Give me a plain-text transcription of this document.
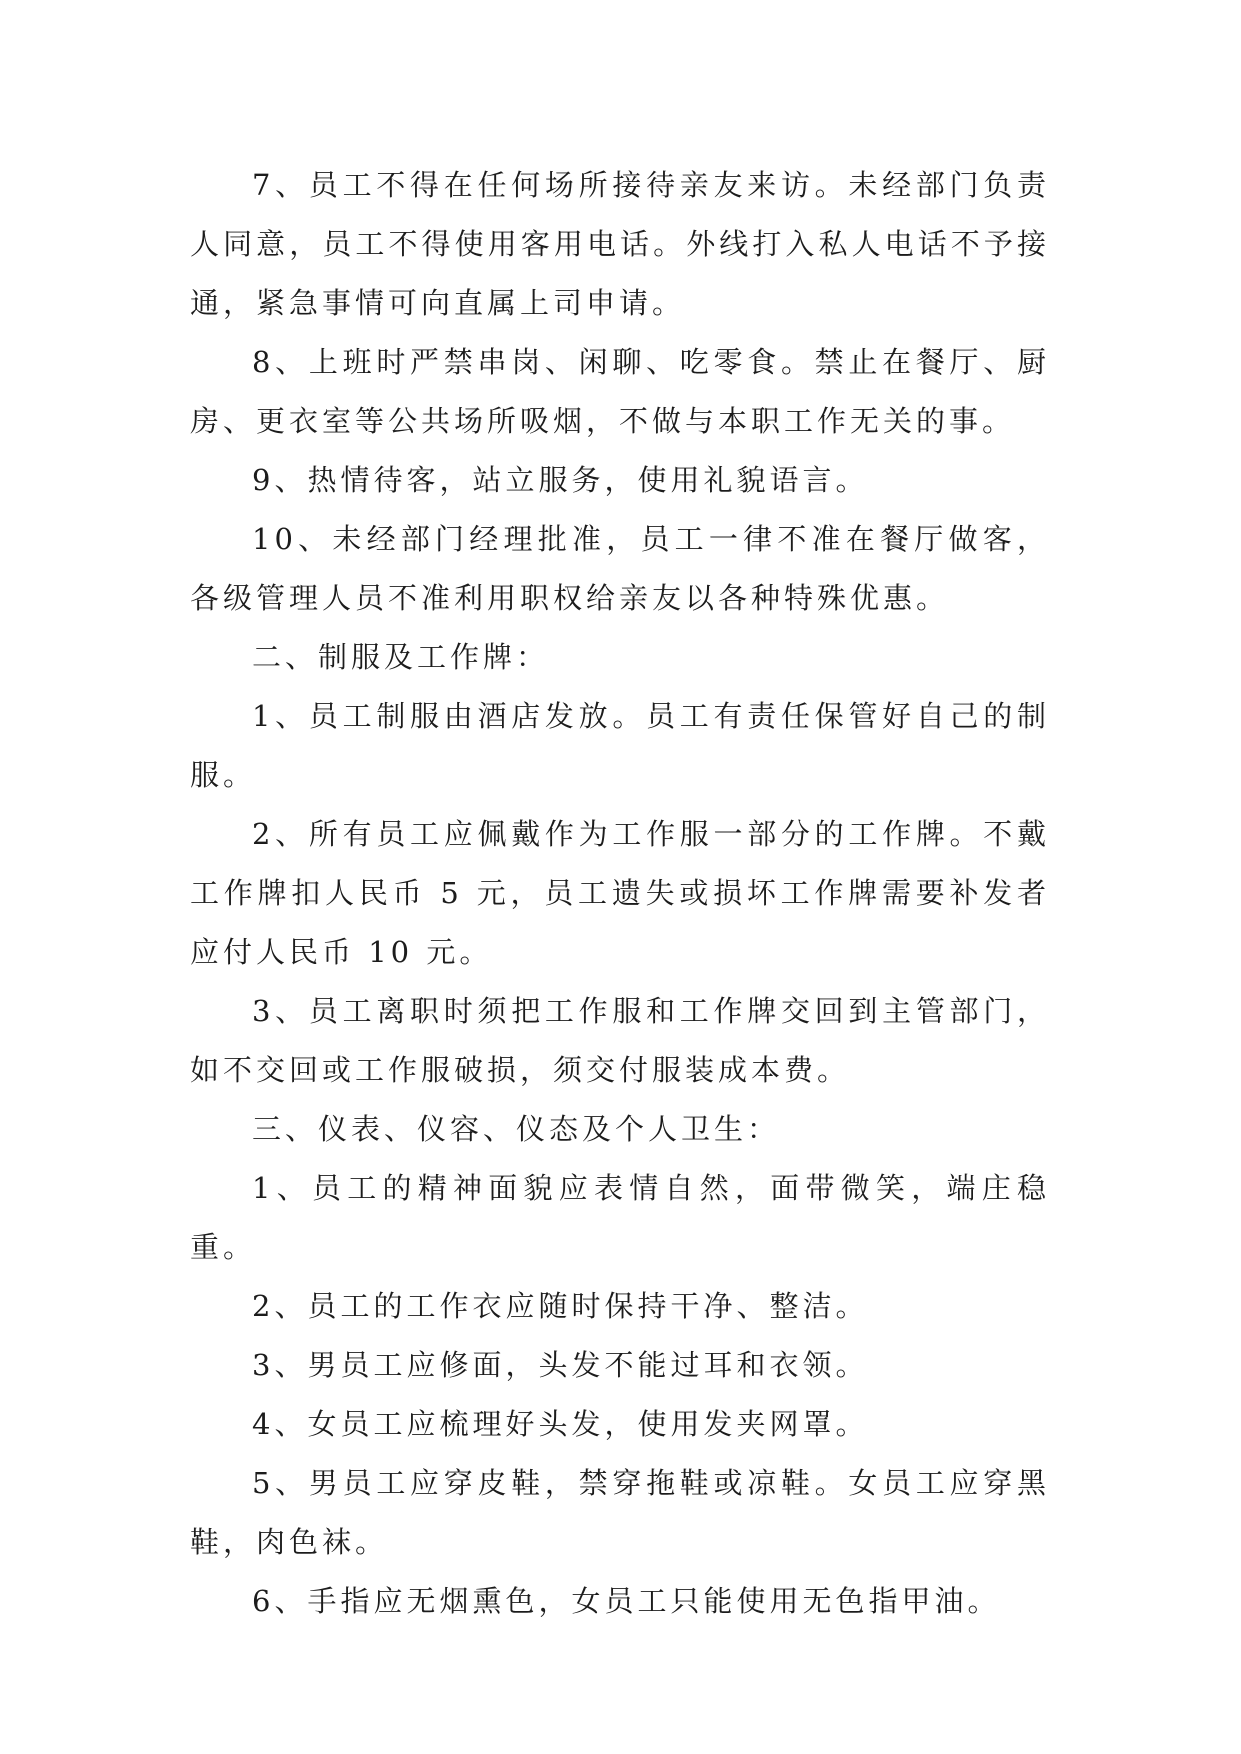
7、员工不得在任何场所接待亲友来访。未经部门负责人同意，员工不得使用客用电话。外线打入私人电话不予接通，紧急事情可向直属上司申请。

8、上班时严禁串岗、闲聊、吃零食。禁止在餐厅、厨房、更衣室等公共场所吸烟，不做与本职工作无关的事。

9、热情待客，站立服务，使用礼貌语言。

10、未经部门经理批准，员工一律不准在餐厅做客，各级管理人员不准利用职权给亲友以各种特殊优惠。

二、制服及工作牌：

1、员工制服由酒店发放。员工有责任保管好自己的制服。

2、所有员工应佩戴作为工作服一部分的工作牌。不戴工作牌扣人民币 5 元，员工遗失或损坏工作牌需要补发者应付人民币 10 元。

3、员工离职时须把工作服和工作牌交回到主管部门，如不交回或工作服破损，须交付服装成本费。

三、仪表、仪容、仪态及个人卫生：

1、员工的精神面貌应表情自然，面带微笑，端庄稳重。

2、员工的工作衣应随时保持干净、整洁。

3、男员工应修面，头发不能过耳和衣领。

4、女员工应梳理好头发，使用发夹网罩。

5、男员工应穿皮鞋，禁穿拖鞋或凉鞋。女员工应穿黑鞋，肉色袜。

6、手指应无烟熏色，女员工只能使用无色指甲油。
